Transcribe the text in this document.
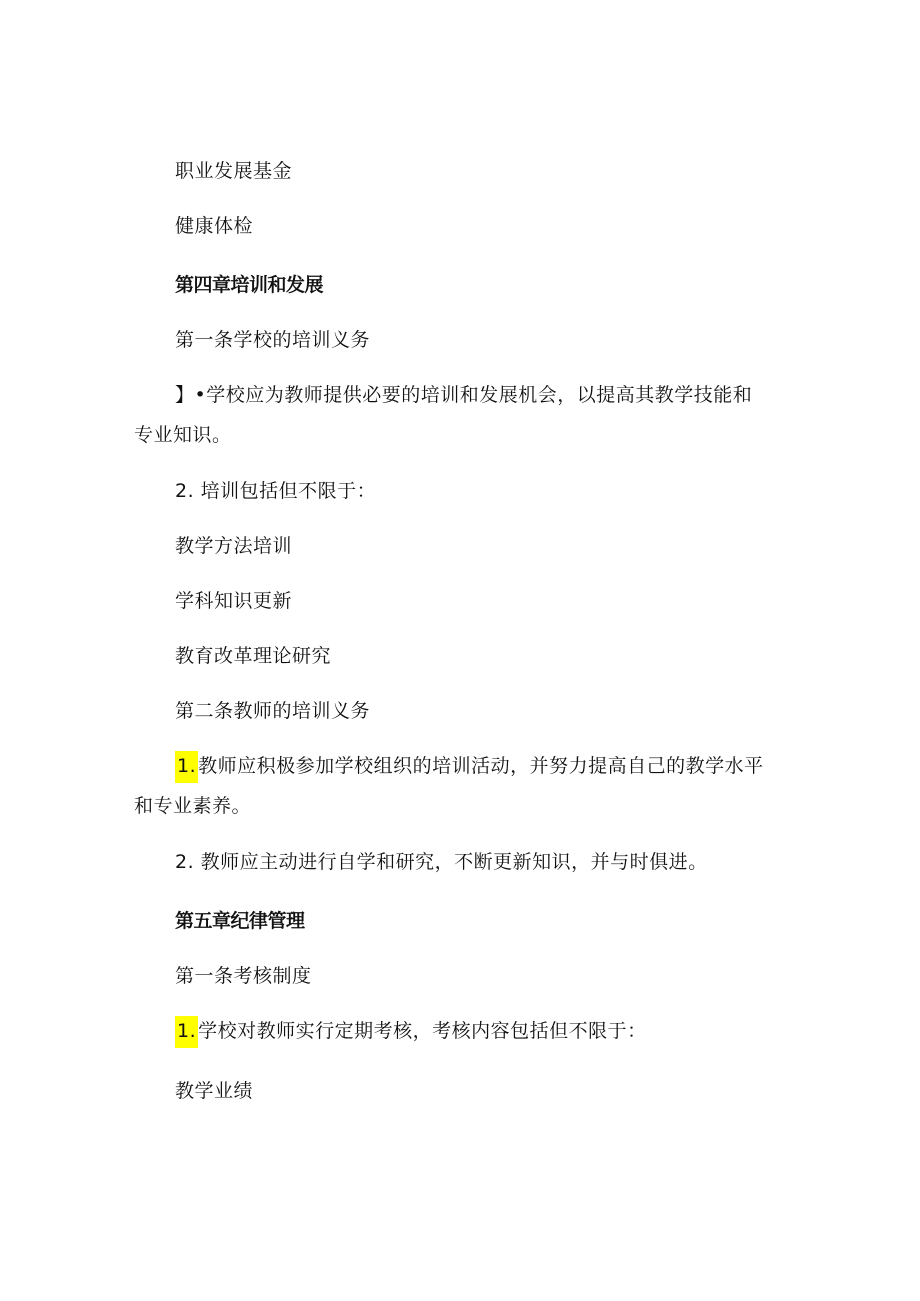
职业发展基金
健康体检
第四章培训和发展
第一条学校的培训义务
】•学校应为教师提供必要的培训和发展机会，以提高其教学技能和
专业知识。
2. 培训包括但不限于：
教学方法培训
学科知识更新
教育改革理论研究
第二条教师的培训义务
1. 教师应积极参加学校组织的培训活动，并努力提高自己的教学水平
和专业素养。
2. 教师应主动进行自学和研究，不断更新知识，并与时俱进。
第五章纪律管理
第一条考核制度
1. 学校对教师实行定期考核，考核内容包括但不限于：
教学业绩
